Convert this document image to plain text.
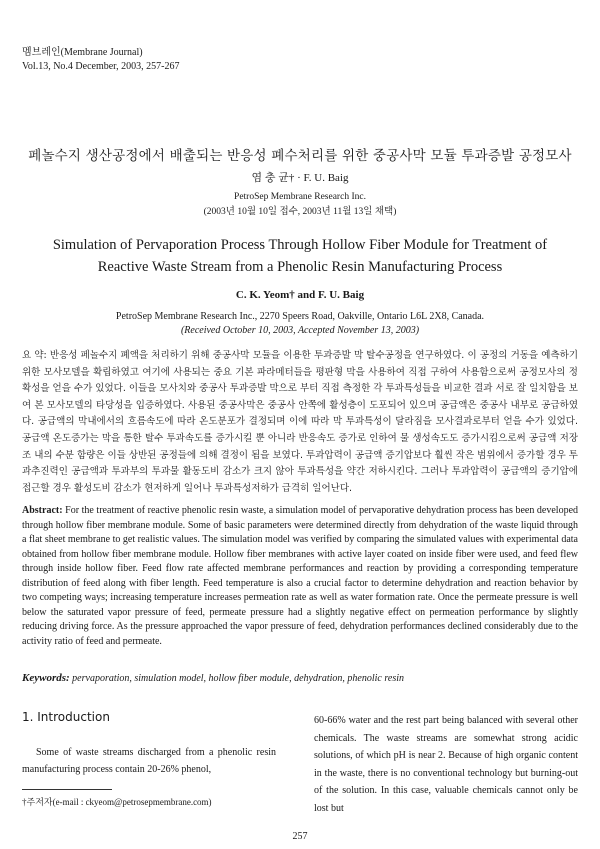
멤브레인(Membrane Journal)
Vol.13, No.4 December, 2003, 257-267
페놀수지 생산공정에서 배출되는 반응성 폐수처리를 위한 중공사막 모듈 투과증발 공정모사
염 충 균† · F. U. Baig
PetroSep Membrane Research Inc.
(2003년 10월 10일 접수, 2003년 11월 13일 채택)
Simulation of Pervaporation Process Through Hollow Fiber Module for Treatment of Reactive Waste Stream from a Phenolic Resin Manufacturing Process
C. K. Yeom† and F. U. Baig
PetroSep Membrane Research Inc., 2270 Speers Road, Oakville, Ontario L6L 2X8, Canada.
(Received October 10, 2003, Accepted November 13, 2003)
요 약: 반응성 페놀수지 폐액을 처리하기 위해 중공사막 모듈을 이용한 투과증발 막 탈수공정을 연구하였다. 이 공정의 거동을 예측하기 위한 모사모델을 확립하였고 여기에 사용되는 중요 기본 파라메터들을 평판형 막을 사용하여 직접 구하여 사용함으로써 공정모사의 정확성을 얻을 수가 있었다. 이들을 모사치와 중공사 투과증발 막으로 부터 직접 측정한 각 투과특성들을 비교한 결과 서로 잘 일치함을 보여 본 모사모델의 타당성을 입증하였다. 사용된 중공사막은 중공사 안쪽에 활성층이 도포되어 있으며 공급액은 중공사 내부로 공급하였다. 공급액의 막내에서의 흐름속도에 따라 온도분포가 결정되며 이에 따라 막 투과특성이 달라짐을 모사결과로부터 얻을 수가 있었다. 공급액 온도증가는 막을 통한 탈수 투과속도를 증가시킬 뿐 아니라 반응속도 증가로 인하여 물 생성속도도 증가시킴으로써 공급액 저장조 내의 수분 함량은 이들 상반된 공정들에 의해 결정이 됨을 보였다. 투과압력이 공급액 증기압보다 훨씬 작은 범위에서 증가할 경우 투과추진력인 공급액과 투과부의 투과물 활동도비 감소가 크지 않아 투과특성을 약간 저하시킨다. 그러나 투과압력이 공급액의 증기압에 접근할 경우 활성도비 감소가 현저하게 일어나 투과특성저하가 급격히 일어난다.
Abstract: For the treatment of reactive phenolic resin waste, a simulation model of pervaporative dehydration process has been developed through hollow fiber membrane module. Some of basic parameters were determined directly from dehydration of the waste liquid through a flat sheet membrane to get realistic values. The simulation model was verified by comparing the simulated values with experimental data obtained from hollow fiber membrane module. Hollow fiber membranes with active layer coated on inside fiber were used, and feed flew through inside hollow fiber. Feed flow rate affected membrane performances and reaction by providing a corresponding temperature distribution of feed along with fiber length. Feed temperature is also a crucial factor to determine dehydration and reaction behavior by two competing ways; increasing temperature increases permeation rate as well as water formation rate. Once the permeate pressure is well below the saturated vapor pressure of feed, permeate pressure had a slightly negative effect on permeation performance by slightly reducing driving force. As the pressure approached the vapor pressure of feed, dehydration performances declined considerably due to the activity ratio of feed and permeate.
Keywords: pervaporation, simulation model, hollow fiber module, dehydration, phenolic resin
1. Introduction

Some of waste streams discharged from a phenolic resin manufacturing process contain 20-26% phenol,

60-66% water and the rest part being balanced with several other chemicals. The waste streams are somewhat strong acidic solutions, of which pH is near 2. Because of high organic content in the waste, there is no conventional technology but burning-out of the solution. In this case, valuable chemicals cannot only be lost but

†주저자(e-mail : ckyeom@petrosepmembrane.com)
257
